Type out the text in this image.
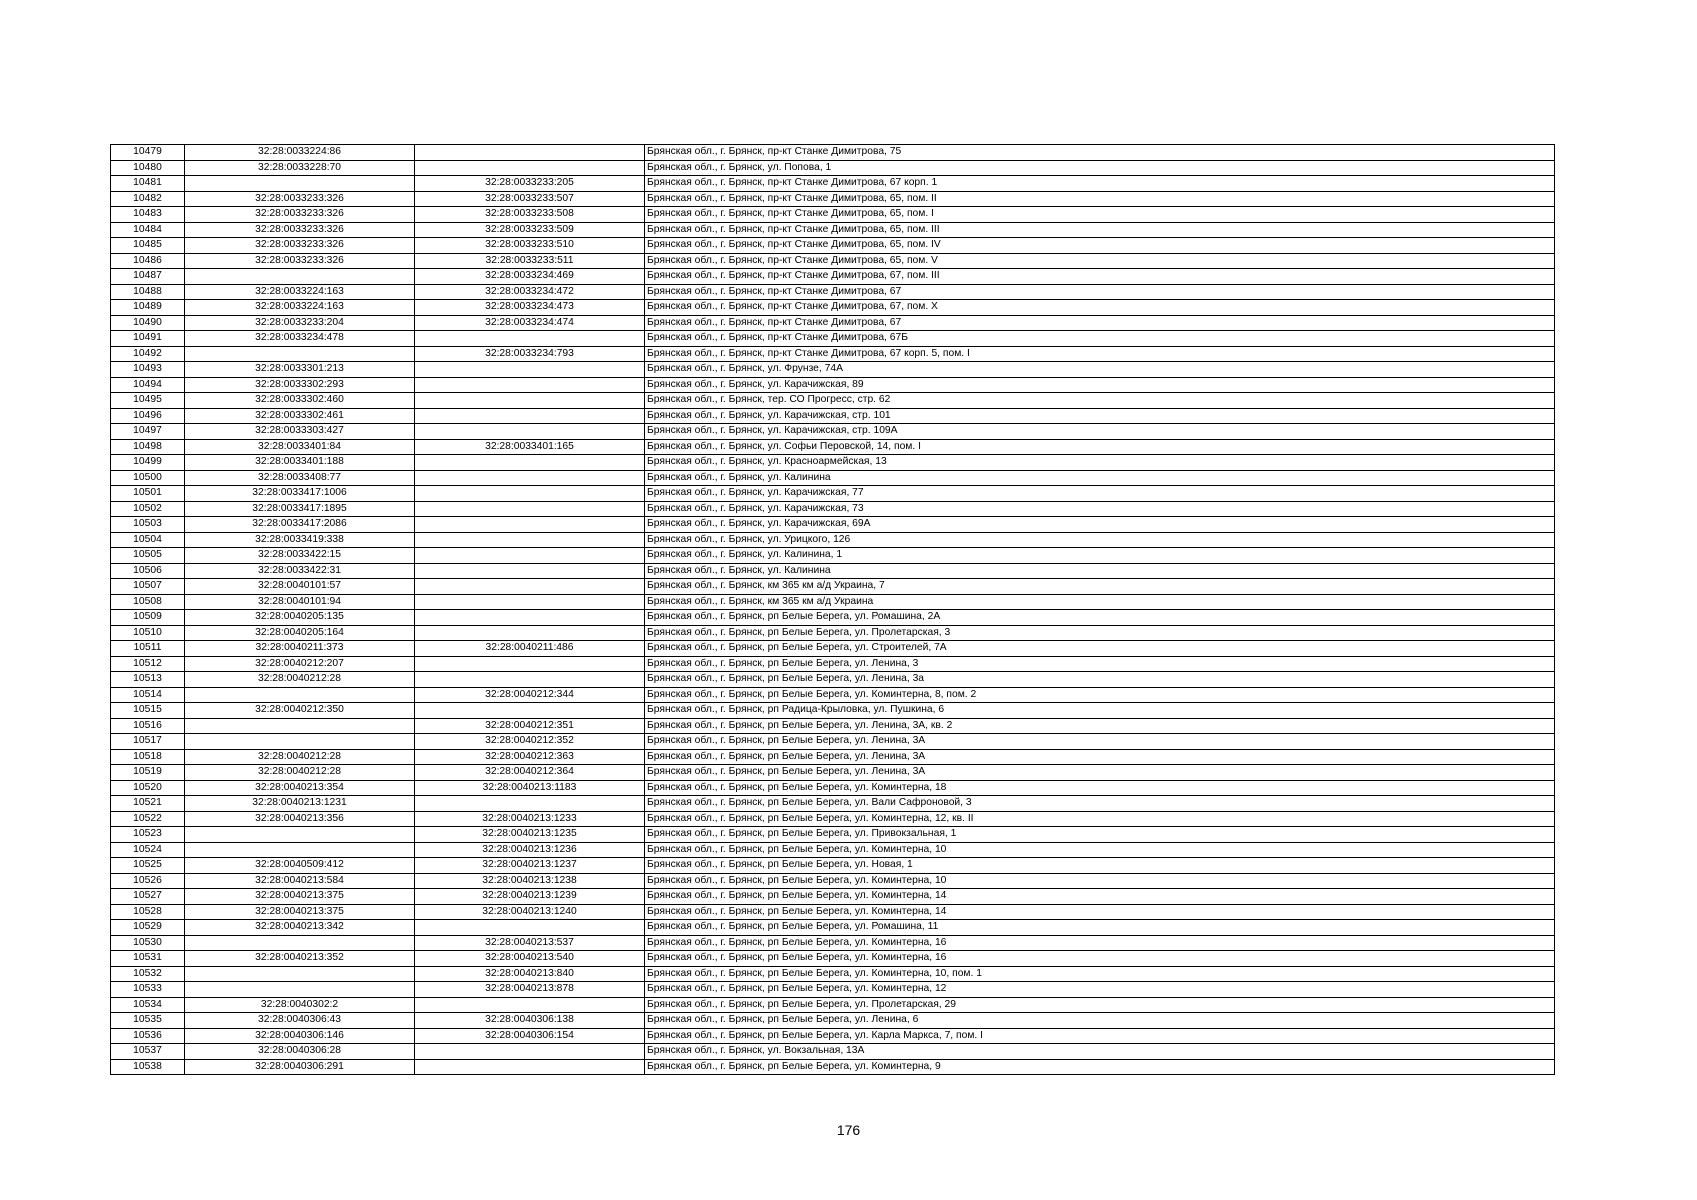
10479	32:28:0033224:86		Брянская обл., г. Брянск, пр-кт Станке Димитрова, 75
10480	32:28:0033228:70		Брянская обл., г. Брянск, ул. Попова, 1
10481		32:28:0033233:205	Брянская обл., г. Брянск, пр-кт Станке Димитрова, 67 корп. 1
10482	32:28:0033233:326	32:28:0033233:507	Брянская обл., г. Брянск, пр-кт Станке Димитрова, 65, пом. II
10483	32:28:0033233:326	32:28:0033233:508	Брянская обл., г. Брянск, пр-кт Станке Димитрова, 65, пом. I
10484	32:28:0033233:326	32:28:0033233:509	Брянская обл., г. Брянск, пр-кт Станке Димитрова, 65, пом. III
10485	32:28:0033233:326	32:28:0033233:510	Брянская обл., г. Брянск, пр-кт Станке Димитрова, 65, пом. IV
10486	32:28:0033233:326	32:28:0033233:511	Брянская обл., г. Брянск, пр-кт Станке Димитрова, 65, пом. V
10487		32:28:0033234:469	Брянская обл., г. Брянск, пр-кт Станке Димитрова, 67, пом. III
10488	32:28:0033224:163	32:28:0033234:472	Брянская обл., г. Брянск, пр-кт Станке Димитрова, 67
10489	32:28:0033224:163	32:28:0033234:473	Брянская обл., г. Брянск, пр-кт Станке Димитрова, 67, пом. X
10490	32:28:0033233:204	32:28:0033234:474	Брянская обл., г. Брянск, пр-кт Станке Димитрова, 67
10491	32:28:0033234:478		Брянская обл., г. Брянск, пр-кт Станке Димитрова, 67Б
10492		32:28:0033234:793	Брянская обл., г. Брянск, пр-кт Станке Димитрова, 67 корп. 5, пом. I
10493	32:28:0033301:213		Брянская обл., г. Брянск, ул. Фрунзе, 74А
10494	32:28:0033302:293		Брянская обл., г. Брянск, ул. Карачижская, 89
10495	32:28:0033302:460		Брянская обл., г. Брянск, тер. СО Прогресс, стр. 62
10496	32:28:0033302:461		Брянская обл., г. Брянск, ул. Карачижская, стр. 101
10497	32:28:0033303:427		Брянская обл., г. Брянск, ул. Карачижская, стр. 109А
10498	32:28:0033401:84	32:28:0033401:165	Брянская обл., г. Брянск, ул. Софьи Перовской, 14, пом. I
10499	32:28:0033401:188		Брянская обл., г. Брянск, ул. Красноармейская, 13
10500	32:28:0033408:77		Брянская обл., г. Брянск, ул. Калинина
10501	32:28:0033417:1006		Брянская обл., г. Брянск, ул. Карачижская, 77
10502	32:28:0033417:1895		Брянская обл., г. Брянск, ул. Карачижская, 73
10503	32:28:0033417:2086		Брянская обл., г. Брянск, ул. Карачижская, 69А
10504	32:28:0033419:338		Брянская обл., г. Брянск, ул. Урицкого, 126
10505	32:28:0033422:15		Брянская обл., г. Брянск, ул. Калинина, 1
10506	32:28:0033422:31		Брянская обл., г. Брянск, ул. Калинина
10507	32:28:0040101:57		Брянская обл., г. Брянск, км 365 км а/д Украина, 7
10508	32:28:0040101:94		Брянская обл., г. Брянск, км 365 км а/д Украина
10509	32:28:0040205:135		Брянская обл., г. Брянск, рп Белые Берега, ул. Ромашина, 2А
10510	32:28:0040205:164		Брянская обл., г. Брянск, рп Белые Берега, ул. Пролетарская, 3
10511	32:28:0040211:373	32:28:0040211:486	Брянская обл., г. Брянск, рп Белые Берега, ул. Строителей, 7А
10512	32:28:0040212:207		Брянская обл., г. Брянск, рп Белые Берега, ул. Ленина, 3
10513	32:28:0040212:28		Брянская обл., г. Брянск, рп Белые Берега, ул. Ленина, 3а
10514		32:28:0040212:344	Брянская обл., г. Брянск, рп Белые Берега, ул. Коминтерна, 8, пом. 2
10515	32:28:0040212:350		Брянская обл., г. Брянск, рп Радица-Крыловка, ул. Пушкина, 6
10516		32:28:0040212:351	Брянская обл., г. Брянск, рп Белые Берега, ул. Ленина, 3А, кв. 2
10517		32:28:0040212:352	Брянская обл., г. Брянск, рп Белые Берега, ул. Ленина, 3А
10518	32:28:0040212:28	32:28:0040212:363	Брянская обл., г. Брянск, рп Белые Берега, ул. Ленина, 3А
10519	32:28:0040212:28	32:28:0040212:364	Брянская обл., г. Брянск, рп Белые Берега, ул. Ленина, 3А
10520	32:28:0040213:354	32:28:0040213:1183	Брянская обл., г. Брянск, рп Белые Берега, ул. Коминтерна, 18
10521	32:28:0040213:1231		Брянская обл., г. Брянск, рп Белые Берега, ул. Вали Сафроновой, 3
10522	32:28:0040213:356	32:28:0040213:1233	Брянская обл., г. Брянск, рп Белые Берега, ул. Коминтерна, 12, кв. II
10523		32:28:0040213:1235	Брянская обл., г. Брянск, рп Белые Берега, ул. Привокзальная, 1
10524		32:28:0040213:1236	Брянская обл., г. Брянск, рп Белые Берега, ул. Коминтерна, 10
10525	32:28:0040509:412	32:28:0040213:1237	Брянская обл., г. Брянск, рп Белые Берега, ул. Новая, 1
10526	32:28:0040213:584	32:28:0040213:1238	Брянская обл., г. Брянск, рп Белые Берега, ул. Коминтерна, 10
10527	32:28:0040213:375	32:28:0040213:1239	Брянская обл., г. Брянск, рп Белые Берега, ул. Коминтерна, 14
10528	32:28:0040213:375	32:28:0040213:1240	Брянская обл., г. Брянск, рп Белые Берега, ул. Коминтерна, 14
10529	32:28:0040213:342		Брянская обл., г. Брянск, рп Белые Берега, ул. Ромашина, 11
10530		32:28:0040213:537	Брянская обл., г. Брянск, рп Белые Берега, ул. Коминтерна, 16
10531	32:28:0040213:352	32:28:0040213:540	Брянская обл., г. Брянск, рп Белые Берега, ул. Коминтерна, 16
10532		32:28:0040213:840	Брянская обл., г. Брянск, рп Белые Берега, ул. Коминтерна, 10, пом. 1
10533		32:28:0040213:878	Брянская обл., г. Брянск, рп Белые Берега, ул. Коминтерна, 12
10534	32:28:0040302:2		Брянская обл., г. Брянск, рп Белые Берега, ул. Пролетарская, 29
10535	32:28:0040306:43	32:28:0040306:138	Брянская обл., г. Брянск, рп Белые Берега, ул. Ленина, 6
10536	32:28:0040306:146	32:28:0040306:154	Брянская обл., г. Брянск, рп Белые Берега, ул. Карла Маркса, 7, пом. I
10537	32:28:0040306:28		Брянская обл., г. Брянск, ул. Вокзальная, 13А
10538	32:28:0040306:291		Брянская обл., г. Брянск, рп Белые Берега, ул. Коминтерна, 9
176
